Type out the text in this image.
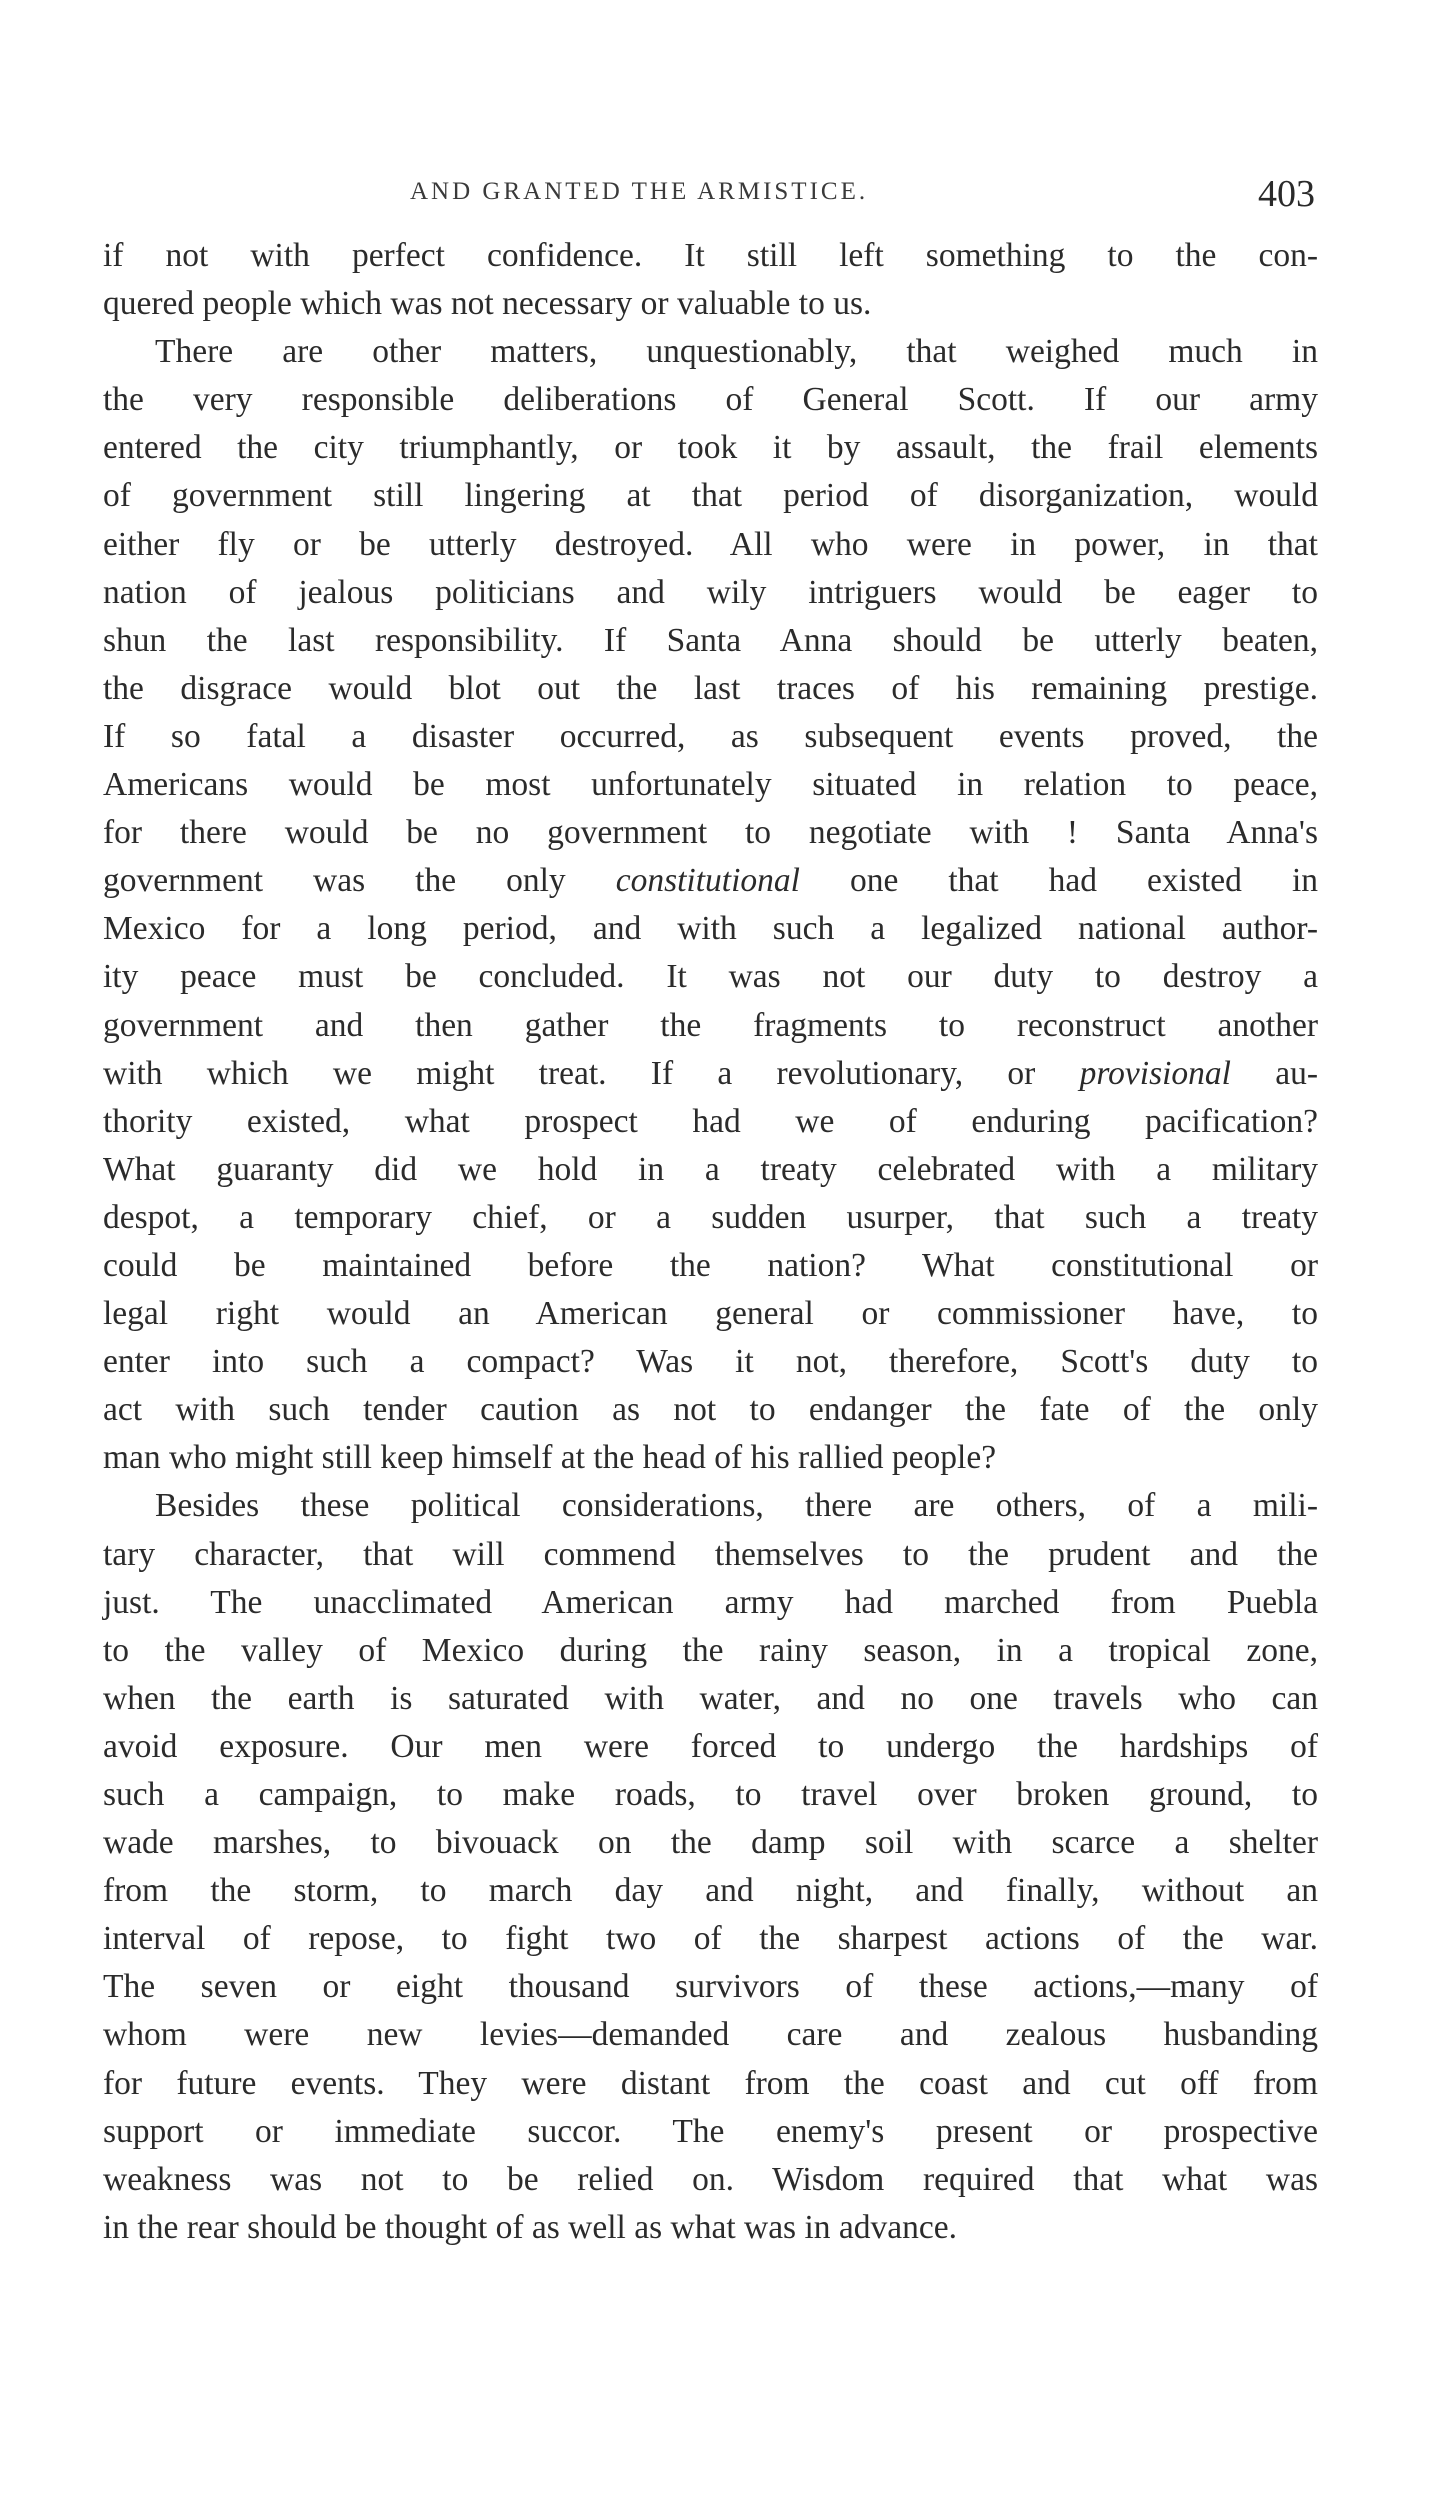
AND GRANTED THE ARMISTICE.	403
if not with perfect confidence. It still left something to the con-
quered people which was not necessary or valuable to us.
There are other matters, unquestionably, that weighed much in
the very responsible deliberations of General Scott. If our army
entered the city triumphantly, or took it by assault, the frail elements
of government still lingering at that period of disorganization, would
either fly or be utterly destroyed. All who were in power, in that
nation of jealous politicians and wily intriguers would be eager to
shun the last responsibility. If Santa Anna should be utterly beaten,
the disgrace would blot out the last traces of his remaining prestige.
If so fatal a disaster occurred, as subsequent events proved, the
Americans would be most unfortunately situated in relation to peace,
for there would be no government to negotiate with ! Santa Anna's
government was the only constitutional one that had existed in
Mexico for a long period, and with such a legalized national author-
ity peace must be concluded. It was not our duty to destroy a
government and then gather the fragments to reconstruct another
with which we might treat. If a revolutionary, or provisional au-
thority existed, what prospect had we of enduring pacification?
What guaranty did we hold in a treaty celebrated with a military
despot, a temporary chief, or a sudden usurper, that such a treaty
could be maintained before the nation? What constitutional or
legal right would an American general or commissioner have, to
enter into such a compact? Was it not, therefore, Scott's duty to
act with such tender caution as not to endanger the fate of the only
man who might still keep himself at the head of his rallied people?
Besides these political considerations, there are others, of a mili-
tary character, that will commend themselves to the prudent and the
just. The unacclimated American army had marched from Puebla
to the valley of Mexico during the rainy season, in a tropical zone,
when the earth is saturated with water, and no one travels who can
avoid exposure. Our men were forced to undergo the hardships of
such a campaign, to make roads, to travel over broken ground, to
wade marshes, to bivouack on the damp soil with scarce a shelter
from the storm, to march day and night, and finally, without an
interval of repose, to fight two of the sharpest actions of the war.
The seven or eight thousand survivors of these actions,—many of
whom were new levies—demanded care and zealous husbanding
for future events. They were distant from the coast and cut off from
support or immediate succor. The enemy's present or prospective
weakness was not to be relied on. Wisdom required that what was
in the rear should be thought of as well as what was in advance.
